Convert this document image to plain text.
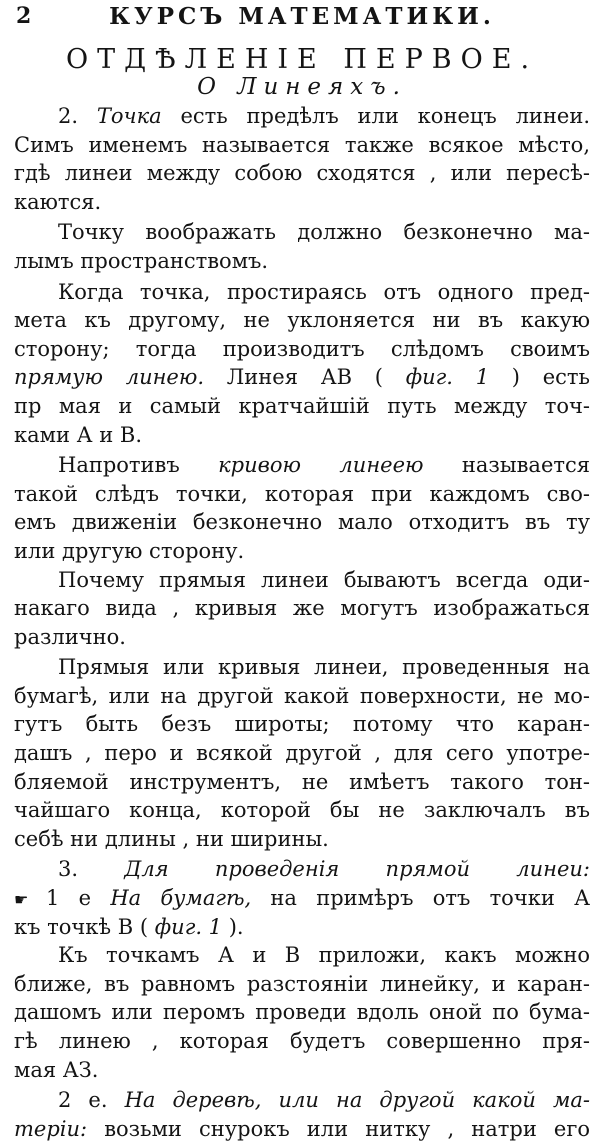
2	КУРСЪ МАТЕМАТИКИ.
ОТДѢЛЕНІЕ ПЕРВОЕ.
О Линеяхъ.
2. Точка есть предѣлъ или конецъ линеи.
Симъ именемъ называется также всякое мѣсто,
гдѣ линеи между собою сходятся , или пересѣ-
каются.
Точку воображать должно безконечно ма-
лымъ пространствомъ.
Когда точка, простираясь отъ одного пред-
мета къ другому, не уклоняется ни въ какую
сторону; тогда производитъ слѣдомъ своимъ
прямую линею. Линея АВ ( фиг. 1 ) есть
пр мая и самый кратчайшій путь между точ-
ками А и В.
Напротивъ кривою линеею называется
такой слѣдъ точки, которая при каждомъ сво-
емъ движеніи безконечно мало отходитъ въ ту
или другую сторону.
Почему прямыя линеи бываютъ всегда оди-
накаго вида , кривыя же могутъ изображаться
различно.
Прямыя или кривыя линеи, проведенныя на
бумагѣ, или на другой какой поверхности, не мо-
гутъ быть безъ широты; потому что каран-
дашъ , перо и всякой другой , для сего употре-
бляемой инструментъ, не имѣетъ такого тон-
чайшаго конца, которой бы не заключалъ въ
себѣ ни длины , ни ширины.
3. Для проведенія прямой линеи:
☛ 1 е На бумагѣ, на примѣръ отъ точки А
къ точкѣ В ( фиг. 1 ).
Къ точкамъ А и В приложи, какъ можно
ближе, въ равномъ разстояніи линейку, и каран-
дашомъ или перомъ проведи вдоль оной по бума-
гѣ линею , которая будетъ совершенно пря-
мая АЗ.
2 е. На деревѣ, или на другой какой ма-
теріи: возьми снурокъ или нитку , натри его
